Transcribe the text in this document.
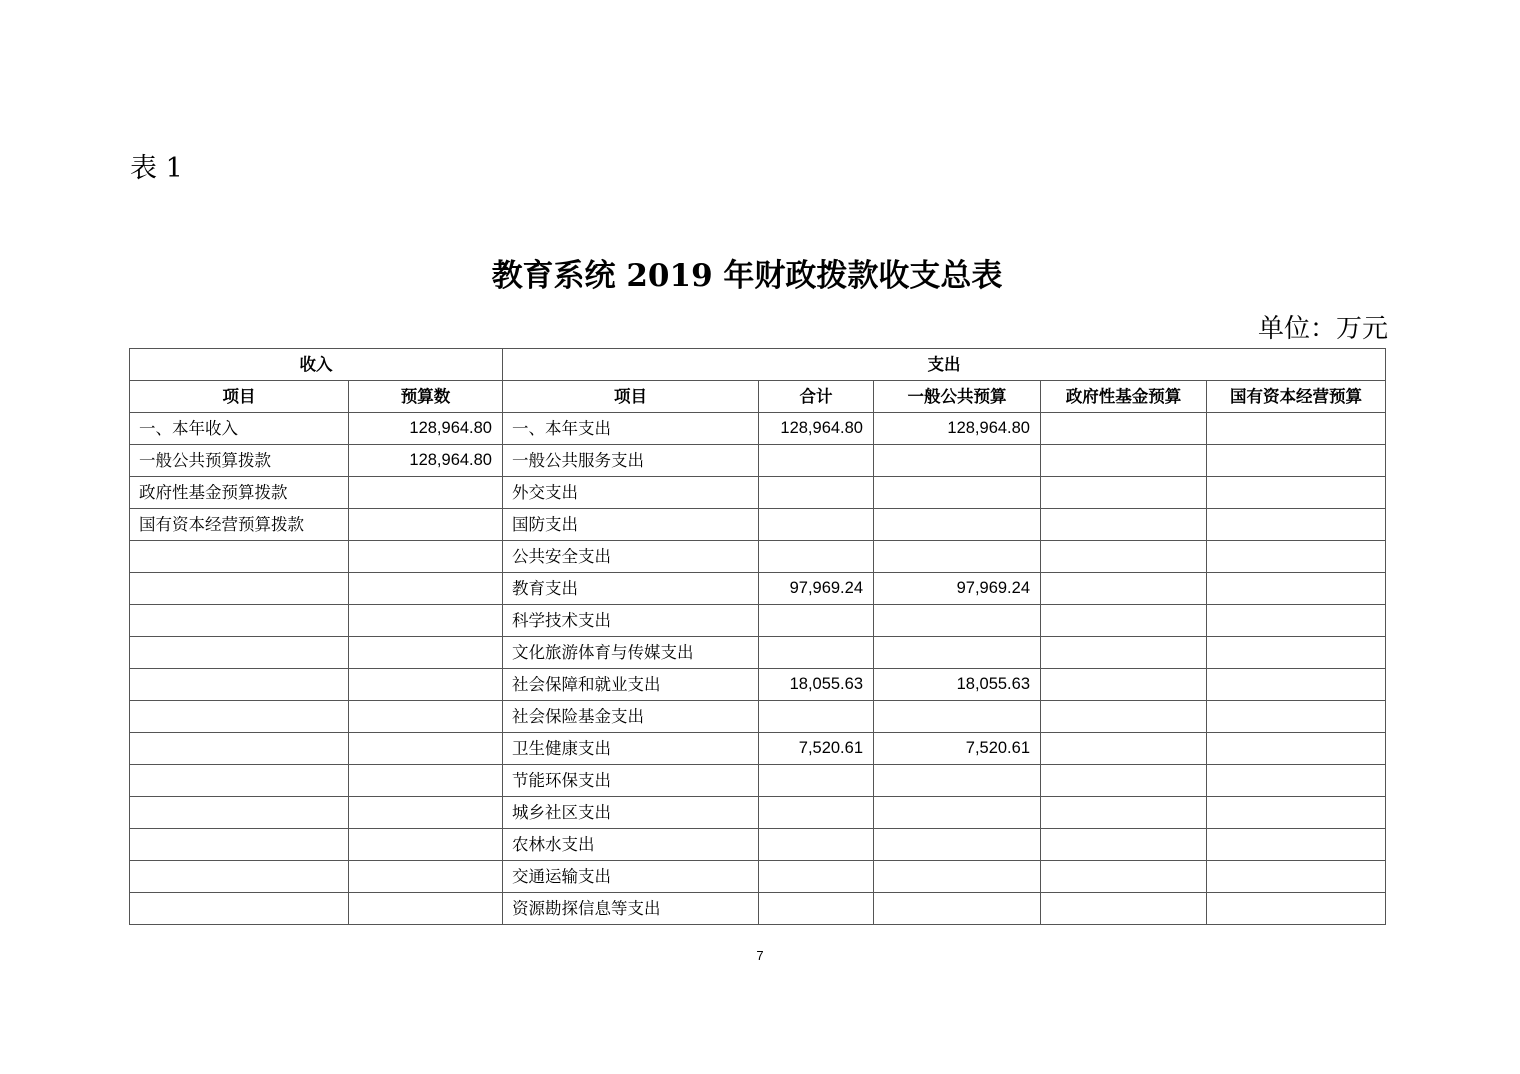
表 1
教育系统 2019 年财政拨款收支总表
单位：万元
收入		支出				
项目	预算数	项目	合计	一般公共预算	政府性基金预算	国有资本经营预算
一、本年收入	128,964.80	一、本年支出	128,964.80	128,964.80		
一般公共预算拨款	128,964.80	一般公共服务支出				
政府性基金预算拨款		外交支出				
国有资本经营预算拨款		国防支出				
		公共安全支出				
		教育支出	97,969.24	97,969.24		
		科学技术支出				
		文化旅游体育与传媒支出				
		社会保障和就业支出	18,055.63	18,055.63		
		社会保险基金支出				
		卫生健康支出	7,520.61	7,520.61		
		节能环保支出				
		城乡社区支出				
		农林水支出				
		交通运输支出				
		资源勘探信息等支出				
7
